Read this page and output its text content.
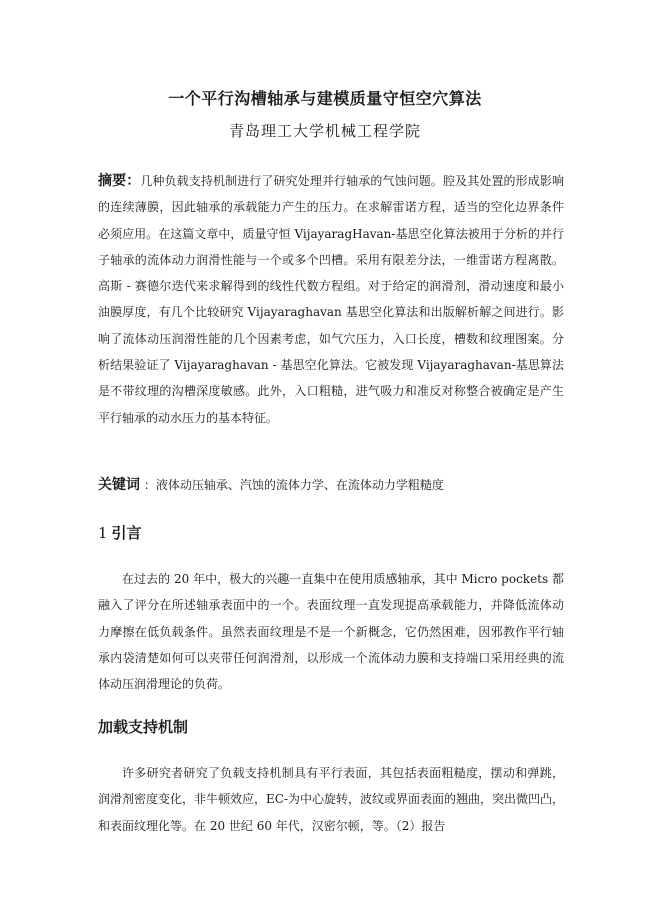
一个平行沟槽轴承与建模质量守恒空穴算法
青岛理工大学机械工程学院

摘要：几种负载支持机制进行了研究处理并行轴承的气蚀问题。腔及其处置的形成影响的连续薄膜，因此轴承的承载能力产生的压力。在求解雷诺方程，适当的空化边界条件必须应用。在这篇文章中，质量守恒 VijayaragHavan-基思空化算法被用于分析的并行子轴承的流体动力润滑性能与一个或多个凹槽。采用有限差分法，一维雷诺方程离散。高斯 - 赛德尔迭代来求解得到的线性代数方程组。对于给定的润滑剂，滑动速度和最小油膜厚度，有几个比较研究 Vijayaraghavan 基思空化算法和出版解析解之间进行。影响了流体动压润滑性能的几个因素考虑，如气穴压力，入口长度，槽数和纹理图案。分析结果验证了 Vijayaraghavan - 基思空化算法。它被发现 Vijayaraghavan-基思算法是不带纹理的沟槽深度敏感。此外，入口粗糙，进气吸力和准反对称整合被确定是产生平行轴承的动水压力的基本特征。

关键词 ：液体动压轴承、汽蚀的流体力学、在流体动力学粗糙度

1 引言

在过去的 20 年中，极大的兴趣一直集中在使用质感轴承，其中 Micro pockets 都融入了评分在所述轴承表面中的一个。表面纹理一直发现提高承载能力，并降低流体动力摩擦在低负载条件。虽然表面纹理是不是一个新概念，它仍然困难，因邪教作平行轴承内袋清楚如何可以夹带任何润滑剂，以形成一个流体动力膜和支持端口采用经典的流体动压润滑理论的负荷。

加载支持机制

许多研究者研究了负载支持机制具有平行表面，其包括表面粗糙度，摆动和弹跳，润滑剂密度变化，非牛顿效应，EC-为中心旋转，波纹或界面表面的翘曲，突出微凹凸，和表面纹理化等。在 20 世纪 60 年代，汉密尔顿，等。（2）报告
